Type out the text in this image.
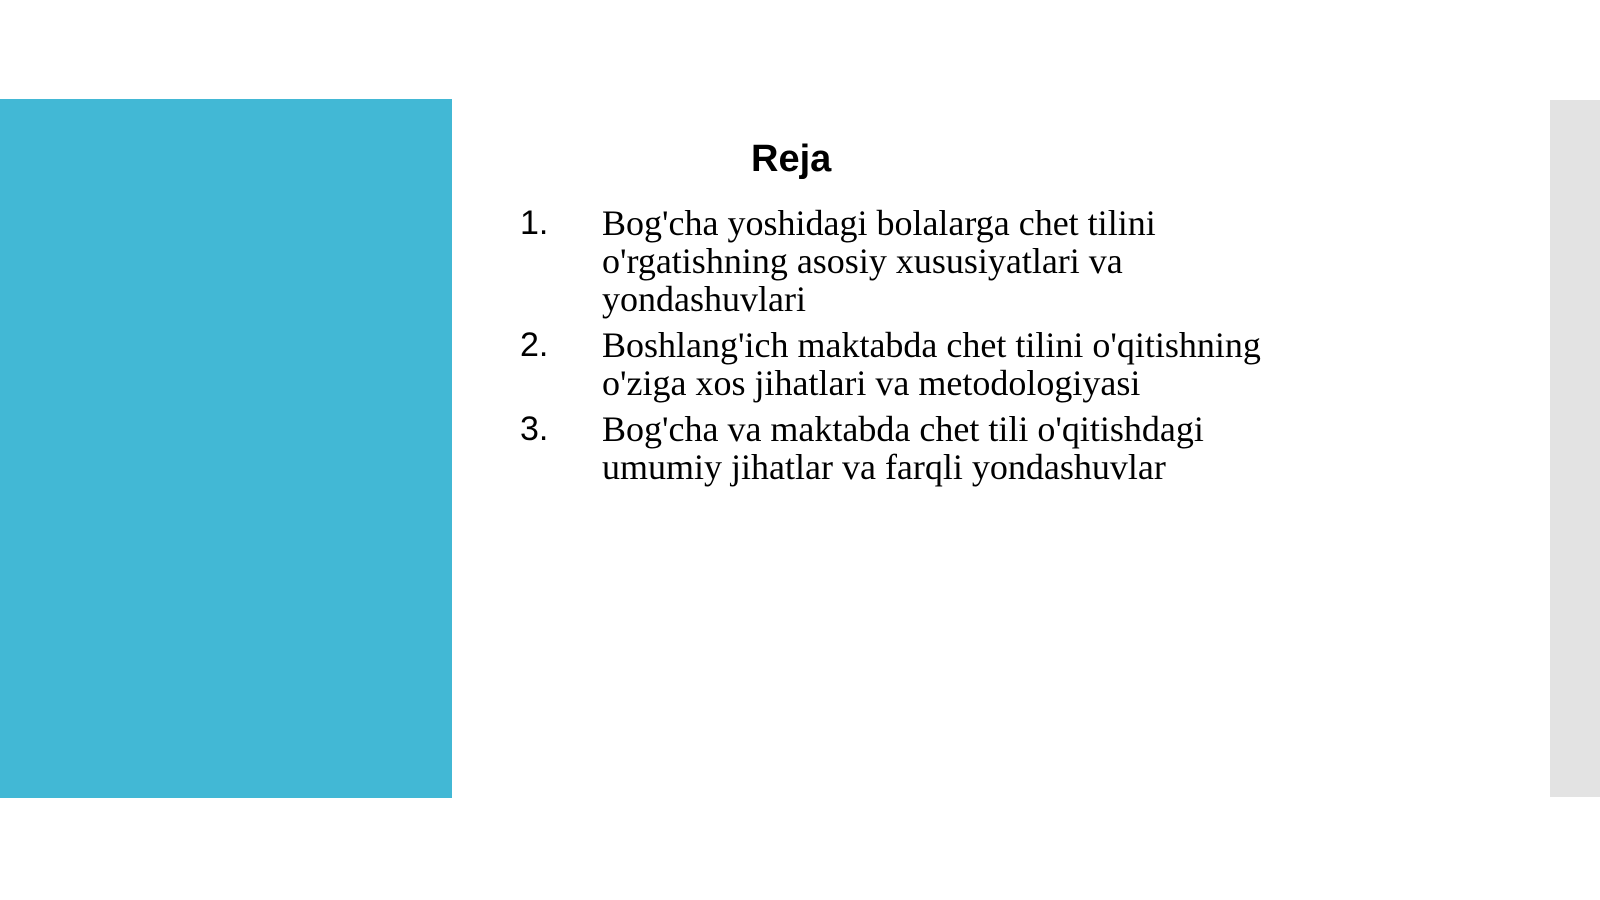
Reja
1. Bog'cha yoshidagi bolalarga chet tilini o'rgatishning asosiy xususiyatlari va yondashuvlari
2. Boshlang'ich maktabda chet tilini o'qitishning o'ziga xos jihatlari va metodologiyasi
3. Bog'cha va maktabda chet tili o'qitishdagi umumiy jihatlar va farqli yondashuvlar
